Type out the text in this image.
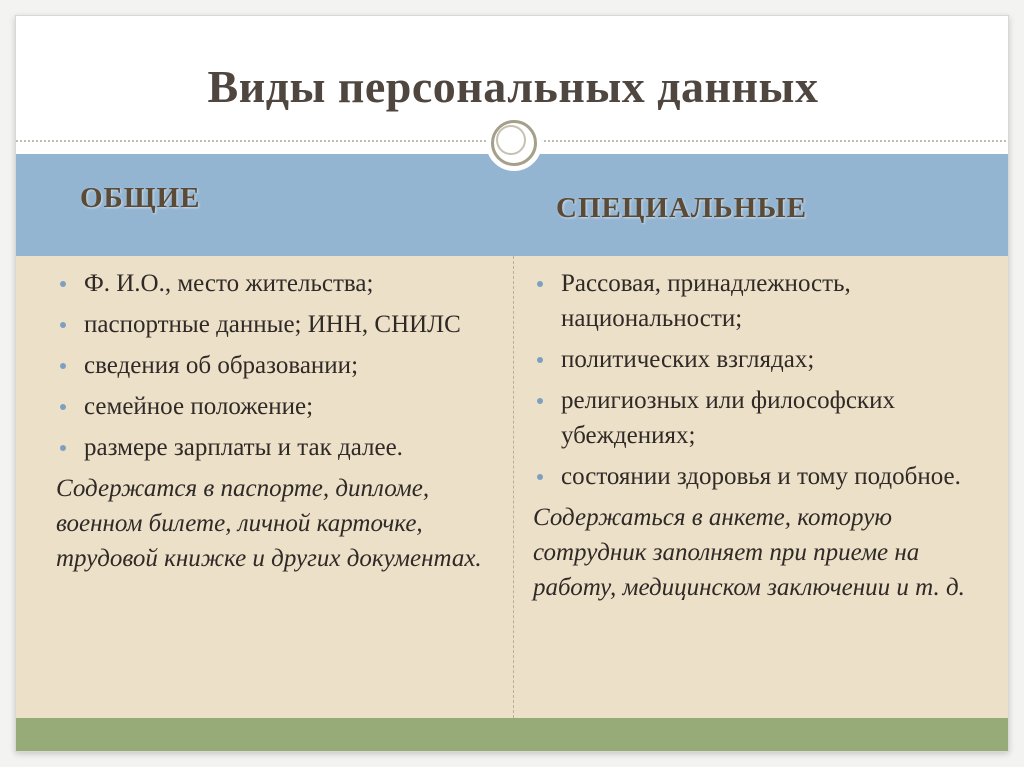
Виды персональных данных
ОБЩИЕ	СПЕЦИАЛЬНЫЕ
Ф. И.О., место жительства;
паспортные данные; ИНН, СНИЛС
сведения об образовании;
семейное положение;
размере зарплаты и так далее.
Содержатся в паспорте, дипломе, военном билете, личной карточке, трудовой книжке и других документах.
Рассовая, принадлежность, национальности;
политических взглядах;
религиозных или философских убеждениях;
состоянии здоровья и тому подобное.
Содержаться в анкете, которую сотрудник заполняет при приеме на работу, медицинском заключении и т. д.
